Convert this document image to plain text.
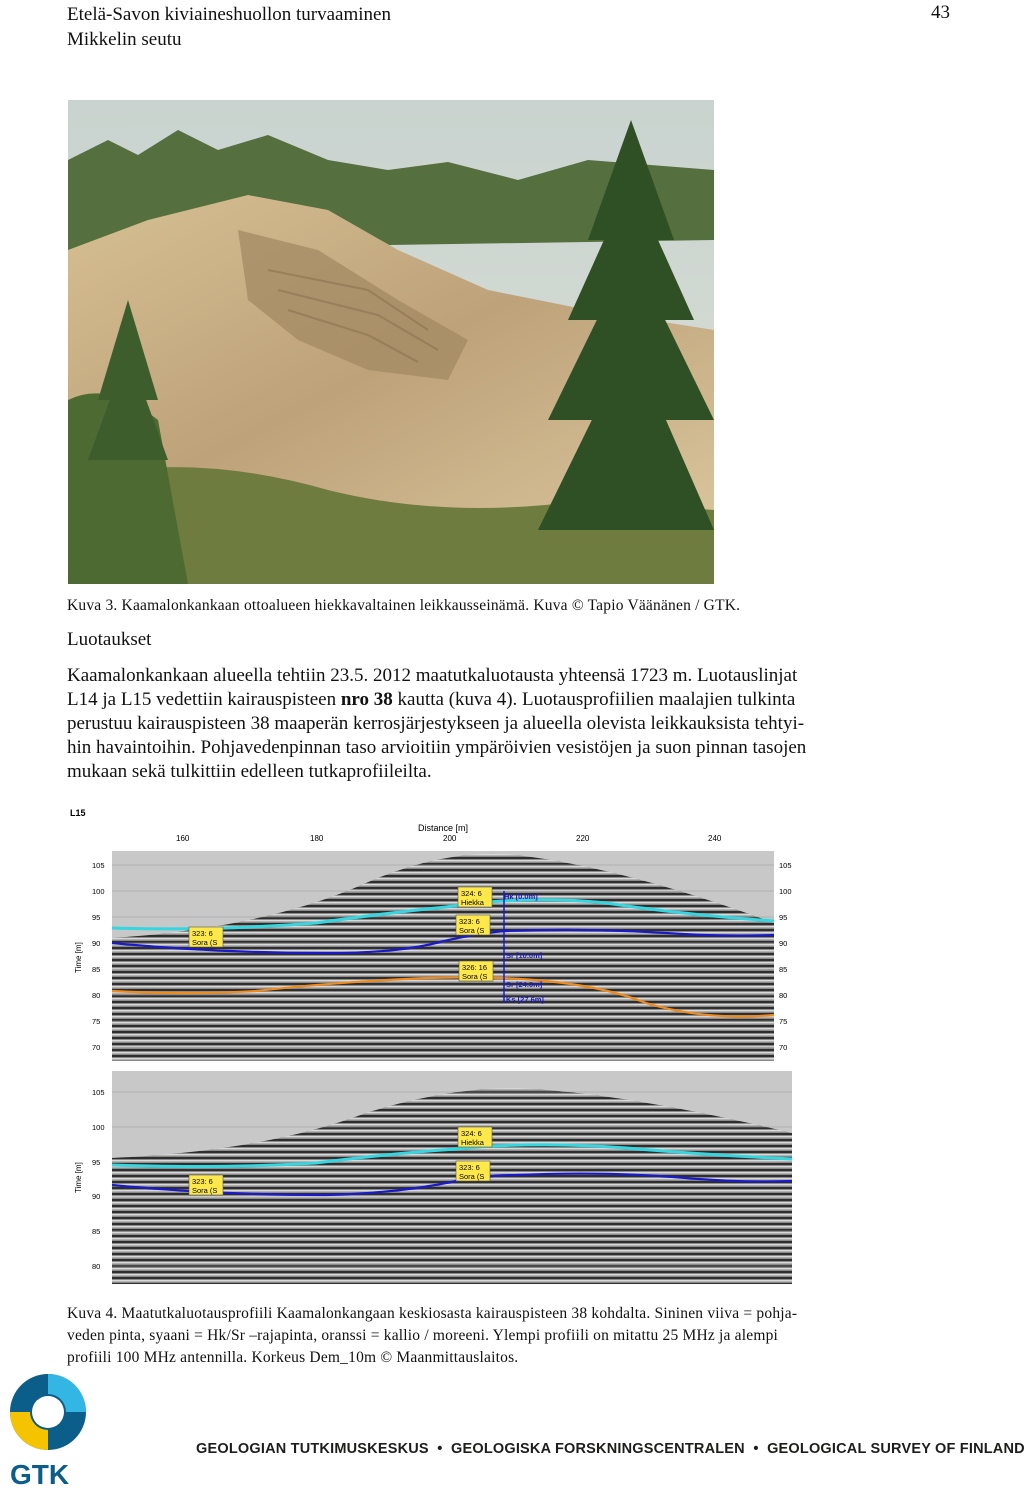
Etelä-Savon kiviaineshuollon turvaaminen
Mikkelin seutu
43
Kuva 3. Kaamalonkankaan ottoalueen hiekkavaltainen leikkausseinämä. Kuva © Tapio Väänänen / GTK.
Luotaukset
Kaamalonkankaan alueella tehtiin 23.5. 2012 maatutkaluotausta yhteensä 1723 m. Luotauslinjat
L14 ja L15 vedettiin kairauspisteen nro 38 kautta (kuva 4). Luotausprofiilien maalajien tulkinta
perustuu kairauspisteen 38 maaperän kerrosjärjestykseen ja alueella olevista leikkauksista tehtyi-
hin havaintoihin. Pohjavedenpinnan taso arvioitiin ympäröivien vesistöjen ja suon pinnan tasojen
mukaan sekä tulkittiin edelleen tutkaprofiileilta.
L15
Distance [m]
160	180	200	220	240
105
100
95
90
85
80
75
70
105
100
95
90
85
80
75
70
Time [m]
324: 6
Hiekka
323: 6
Sora (S
323: 6
Sora (S
326: 16
Sora (S
Hk [0.0m]
Sr [10.0m]
Sr [24.6m]
Ks [27.6m]
105
100
95
90
85
80
Time [m]
324: 6
Hiekka
323: 6
Sora (S
323: 6
Sora (S
Kuva 4. Maatutkaluotausprofiili Kaamalonkangaan keskiosasta kairauspisteen 38 kohdalta. Sininen viiva = pohja-
veden pinta, syaani = Hk/Sr –rajapinta, oranssi = kallio / moreeni. Ylempi profiili on mitattu 25 MHz ja alempi
profiili 100 MHz antennilla. Korkeus Dem_10m © Maanmittauslaitos.
GTK
GEOLOGIAN TUTKIMUSKESKUS  •  GEOLOGISKA FORSKNINGSCENTRALEN  •  GEOLOGICAL SURVEY OF FINLAND
